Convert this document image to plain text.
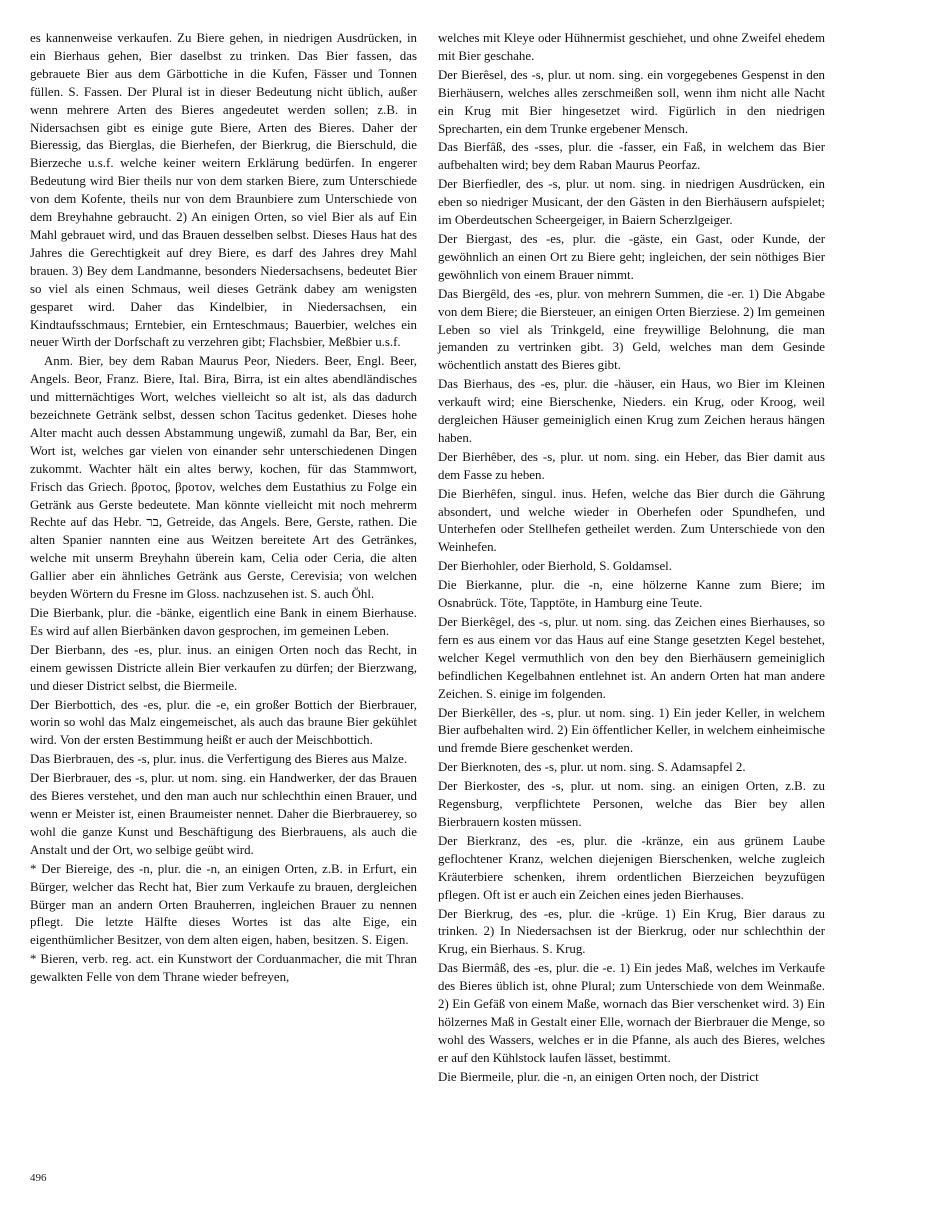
es kannenweise verkaufen. Zu Biere gehen, in niedrigen Ausdrücken, in ein Bierhaus gehen, Bier daselbst zu trinken. Das Bier fassen, das gebrauete Bier aus dem Gärbottiche in die Kufen, Fässer und Tonnen füllen. S. Fassen. Der Plural ist in dieser Bedeutung nicht üblich, außer wenn mehrere Arten des Bieres angedeutet werden sollen; z.B. in Nidersachsen gibt es einige gute Biere, Arten des Bieres. Daher der Bieressig, das Bierglas, die Bierhefen, der Bierkrug, die Bierschuld, die Bierzeche u.s.f. welche keiner weitern Erklärung bedürfen. In engerer Bedeutung wird Bier theils nur von dem starken Biere, zum Unterschiede von dem Kofente, theils nur von dem Braunbiere zum Unterschiede von dem Breyhahne gebraucht. 2) An einigen Orten, so viel Bier als auf Ein Mahl gebrauet wird, und das Brauen desselben selbst. Dieses Haus hat des Jahres die Gerechtigkeit auf drey Biere, es darf des Jahres drey Mahl brauen. 3) Bey dem Landmanne, besonders Niedersachsens, bedeutet Bier so viel als einen Schmaus, weil dieses Getränk dabey am wenigsten gesparet wird. Daher das Kindelbier, in Niedersachsen, ein Kindtaufsschmaus; Erntebier, ein Ernteschmaus; Bauerbier, welches ein neuer Wirth der Dorfschaft zu verzehren gibt; Flachsbier, Meßbier u.s.f.

Anm. Bier, bey dem Raban Maurus Peor, Nieders. Beer, Engl. Beer, Angels. Beor, Franz. Biere, Ital. Bira, Birra, ist ein altes abendländisches und mitternächtiges Wort, welches vielleicht so alt ist, als das dadurch bezeichnete Getränk selbst, dessen schon Tacitus gedenket. Dieses hohe Alter macht auch dessen Abstammung ungewiß, zumahl da Bar, Ber, ein Wort ist, welches gar vielen von einander sehr unterschiedenen Dingen zukommt. Wachter hält ein altes berwy, kochen, für das Stammwort, Frisch das Griech. βροτος, βροτον, welches dem Eustathius zu Folge ein Getränk aus Gerste bedeutete. Man könnte vielleicht mit noch mehrerm Rechte auf das Hebr. בר, Getreide, das Angels. Bere, Gerste, rathen. Die alten Spanier nannten eine aus Weitzen bereitete Art des Getränkes, welche mit unserm Breyhahn überein kam, Celia oder Ceria, die alten Gallier aber ein ähnliches Getränk aus Gerste, Cerevisia; von welchen beyden Wörtern du Fresne im Gloss. nachzusehen ist. S. auch Öhl.

Die Bierbank, plur. die -bänke, eigentlich eine Bank in einem Bierhause. Es wird auf allen Bierbänken davon gesprochen, im gemeinen Leben.

Der Bierbann, des -es, plur. inus. an einigen Orten noch das Recht, in einem gewissen Districte allein Bier verkaufen zu dürfen; der Bierzwang, und dieser District selbst, die Biermeile.

Der Bierbottich, des -es, plur. die -e, ein großer Bottich der Bierbrauer, worin so wohl das Malz eingemeischet, als auch das braune Bier gekühlet wird. Von der ersten Bestimmung heißt er auch der Meischbottich.

Das Bierbrauen, des -s, plur. inus. die Verfertigung des Bieres aus Malze.

Der Bierbrauer, des -s, plur. ut nom. sing. ein Handwerker, der das Brauen des Bieres verstehet, und den man auch nur schlechthin einen Brauer, und wenn er Meister ist, einen Braumeister nennet. Daher die Bierbrauerey, so wohl die ganze Kunst und Beschäftigung des Bierbrauens, als auch die Anstalt und der Ort, wo selbige geübt wird.

* Der Biereige, des -n, plur. die -n, an einigen Orten, z.B. in Erfurt, ein Bürger, welcher das Recht hat, Bier zum Verkaufe zu brauen, dergleichen Bürger man an andern Orten Brauherren, ingleichen Brauer zu nennen pflegt. Die letzte Hälfte dieses Wortes ist das alte Eige, ein eigenthümlicher Besitzer, von dem alten eigen, haben, besitzen. S. Eigen.

* Bieren, verb. reg. act. ein Kunstwort der Corduanmacher, die mit Thran gewalkten Felle von dem Thrane wieder befreyen,

welches mit Kleye oder Hühnermist geschiehet, und ohne Zweifel ehedem mit Bier geschahe.

Der Bierêsel, des -s, plur. ut nom. sing. ein vorgegebenes Gespenst in den Bierhäusern, welches alles zerschmeißen soll, wenn ihm nicht alle Nacht ein Krug mit Bier hingesetzet wird. Figürlich in den niedrigen Sprecharten, ein dem Trunke ergebener Mensch.

Das Bierfâß, des -sses, plur. die -fasser, ein Faß, in welchem das Bier aufbehalten wird; bey dem Raban Maurus Peorfaz.

Der Bierfiedler, des -s, plur. ut nom. sing. in niedrigen Ausdrücken, ein eben so niedriger Musicant, der den Gästen in den Bierhäusern aufspielet; im Oberdeutschen Scheergeiger, in Baiern Scherzlgeiger.

Der Biergast, des -es, plur. die -gäste, ein Gast, oder Kunde, der gewöhnlich an einen Ort zu Biere geht; ingleichen, der sein nöthiges Bier gewöhnlich von einem Brauer nimmt.

Das Biergêld, des -es, plur. von mehrern Summen, die -er. 1) Die Abgabe von dem Biere; die Biersteuer, an einigen Orten Bierziese. 2) Im gemeinen Leben so viel als Trinkgeld, eine freywillige Belohnung, die man jemanden zu vertrinken gibt. 3) Geld, welches man dem Gesinde wöchentlich anstatt des Bieres gibt.

Das Bierhaus, des -es, plur. die -häuser, ein Haus, wo Bier im Kleinen verkauft wird; eine Bierschenke, Nieders. ein Krug, oder Kroog, weil dergleichen Häuser gemeiniglich einen Krug zum Zeichen heraus hängen haben.

Der Bierhêber, des -s, plur. ut nom. sing. ein Heber, das Bier damit aus dem Fasse zu heben.

Die Bierhêfen, singul. inus. Hefen, welche das Bier durch die Gährung absondert, und welche wieder in Oberhefen oder Spundhefen, und Unterhefen oder Stellhefen getheilet werden. Zum Unterschiede von den Weinhefen.

Der Bierhohler, oder Bierhold, S. Goldamsel.

Die Bierkanne, plur. die -n, eine hölzerne Kanne zum Biere; im Osnabrück. Töte, Tapptöte, in Hamburg eine Teute.

Der Bierkêgel, des -s, plur. ut nom. sing. das Zeichen eines Bierhauses, so fern es aus einem vor das Haus auf eine Stange gesetzten Kegel bestehet, welcher Kegel vermuthlich von den bey den Bierhäusern gemeiniglich befindlichen Kegelbahnen entlehnet ist. An andern Orten hat man andere Zeichen. S. einige im folgenden.

Der Bierkêller, des -s, plur. ut nom. sing. 1) Ein jeder Keller, in welchem Bier aufbehalten wird. 2) Ein öffentlicher Keller, in welchem einheimische und fremde Biere geschenket werden.

Der Bierknoten, des -s, plur. ut nom. sing. S. Adamsapfel 2.

Der Bierkoster, des -s, plur. ut nom. sing. an einigen Orten, z.B. zu Regensburg, verpflichtete Personen, welche das Bier bey allen Bierbrauern kosten müssen.

Der Bierkranz, des -es, plur. die -kränze, ein aus grünem Laube geflochtener Kranz, welchen diejenigen Bierschenken, welche zugleich Kräuterbiere schenken, ihrem ordentlichen Bierzeichen beyzufügen pflegen. Oft ist er auch ein Zeichen eines jeden Bierhauses.

Der Bierkrug, des -es, plur. die -krüge. 1) Ein Krug, Bier daraus zu trinken. 2) In Niedersachsen ist der Bierkrug, oder nur schlechthin der Krug, ein Bierhaus. S. Krug.

Das Biermâß, des -es, plur. die -e. 1) Ein jedes Maß, welches im Verkaufe des Bieres üblich ist, ohne Plural; zum Unterschiede von dem Weinmaße. 2) Ein Gefäß von einem Maße, wornach das Bier verschenket wird. 3) Ein hölzernes Maß in Gestalt einer Elle, wornach der Bierbrauer die Menge, so wohl des Wassers, welches er in die Pfanne, als auch des Bieres, welches er auf den Kühlstock laufen lässet, bestimmt.

Die Biermeile, plur. die -n, an einigen Orten noch, der District

496
